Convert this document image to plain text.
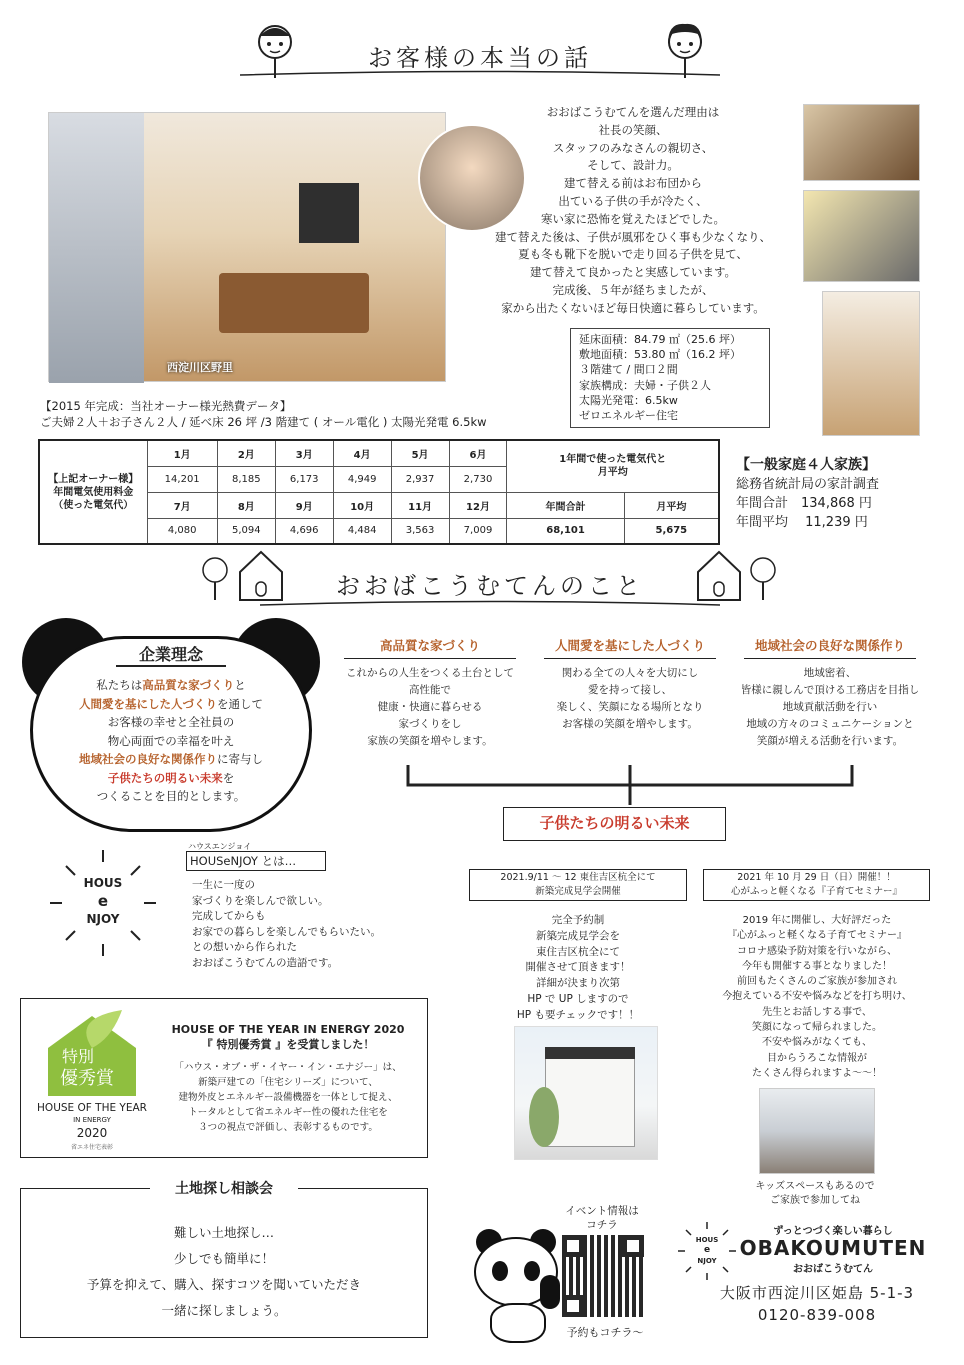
お客様の本当の話
西淀川区野里
おおばこうむてんを選んだ理由は
社長の笑顔、
スタッフのみなさんの親切さ、
そして、設計力。
建て替える前はお布団から
出ている子供の手が冷たく、
寒い家に恐怖を覚えたほどでした。
建て替えた後は、子供が風邪をひく事も少なくなり、
夏も冬も靴下を脱いで走り回る子供を見て、
建て替えて良かったと実感しています。
完成後、５年が経ちましたが、
家から出たくないほど毎日快適に暮らしています。
延床面積：84.79 ㎡（25.6 坪）
敷地面積：53.80 ㎡（16.2 坪）
３階建て / 間口２間
家族構成：夫婦・子供２人
太陽光発電：6.5kw
ゼロエネルギー住宅
【2015 年完成：当社オーナー様光熱費データ】
ご夫婦２人＋お子さん２人 / 延べ床 26 坪 /3 階建て ( オール電化 ) 太陽光発電 6.5kw
【上記オーナー様】
年間電気使用料金
（使った電気代）	1月	2月	3月	4月	5月	6月	1年間で使った電気代と
月平均	
	14,201	8,185	6,173	4,949	2,937	2,730		
	7月	8月	9月	10月	11月	12月	年間合計	月平均
	4,080	5,094	4,696	4,484	3,563	7,009	68,101	5,675
【一般家庭４人家族】
総務省統計局の家計調査
年間合計　134,868 円
年間平均　 11,239 円
おおばこうむてんのこと
企業理念
私たちは高品質な家づくりと
人間愛を基にした人づくりを通して
お客様の幸せと全社員の
物心両面での幸福を叶え
地域社会の良好な関係作りに寄与し
子供たちの明るい未来を
つくることを目的とします。
高品質な家づくり
これからの人生をつくる土台として
高性能で
健康・快適に暮らせる
家づくりをし
家族の笑顔を増やします。
人間愛を基にした人づくり
関わる全ての人々を大切にし
愛を持って接し、
楽しく、笑顔になる場所となり
お客様の笑顔を増やします。
地域社会の良好な関係作り
地域密着、
皆様に親しんで頂ける工務店を目指し
地域貢献活動を行い
地域の方々のコミュニケーションと
笑顔が増える活動を行います。
子供たちの明るい未来
HOUS
e
NJOY
ハウスエンジョイ
HOUSeNJOY とは…
一生に一度の
家づくりを楽しんで欲しい。
完成してからも
お家での暮らしを楽しんでもらいたい。
との想いから作られた
おおばこうむてんの造語です。
2021.9/11 ～ 12 東住吉区杭全にて
新築完成見学会開催
完全予約制
新築完成見学会を
東住吉区杭全にて
開催させて頂きます！
詳細が決まり次第
HP で UP しますので
HP も要チェックです！！
2021 年 10 月 29 日（日）開催！！
心がふっと軽くなる『子育てセミナー』
2019 年に開催し、大好評だった
『心がふっと軽くなる子育てセミナー』
コロナ感染予防対策を行いながら、
今年も開催する事となりました！
前回もたくさんのご家族が参加され
今抱えている不安や悩みなどを打ち明け、
先生とお話しする事で、
笑顔になって帰られました。
不安や悩みがなくても、
目からうろこな情報が
たくさん得られますよ～～！
キッズスペースもあるので
ご家族で参加してね
特別
優秀賞
HOUSE OF THE YEAR
IN ENERGY
2020
省エネ住宅表彰
HOUSE OF THE YEAR IN ENERGY 2020
『 特別優秀賞 』を受賞しました！
「ハウス・オブ・ザ・イヤー・イン・エナジー」は、
新築戸建ての「住宅シリーズ」について、
建物外皮とエネルギー設備機器を一体として捉え、
トータルとして省エネルギー性の優れた住宅を
３つの視点で評価し、表彰するものです。
土地探し相談会
難しい土地探し…
少しでも簡単に！
予算を抑えて、購入、探すコツを聞いていただき
一緒に探しましょう。
イベント情報は
コチラ
予約もコチラ～
HOUS
e
NJOY
ずっとつづく楽しい暮らし
OBAKOUMUTEN
おおばこうむてん
大阪市西淀川区姫島 5-1-3
0120-839-008
